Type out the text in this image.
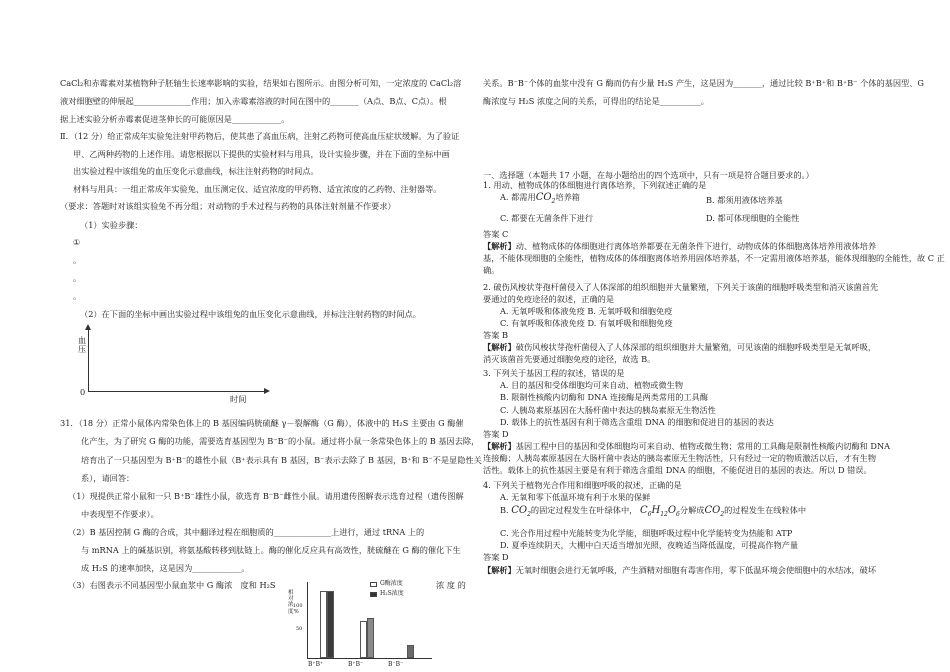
CaCl₂和赤霉素对某植物种子胚轴生长速率影响的实验，结果如右图所示。由图分析可知，一定浓度的 CaCl₂溶
液对细胞壁的伸展起______________作用；加入赤霉素溶液的时间在图中的_______（A点、B点、C点）。根
据上述实验分析赤霉素促进茎伸长的可能原因是____________。
Ⅱ．（12 分）给正常成年实验兔注射甲药物后，使其患了高血压病，注射乙药物可使高血压症状缓解。为了验证
甲、乙两种药物的上述作用。请您根据以下提供的实验材料与用具，设计实验步骤，并在下面的坐标中画
出实验过程中该组兔的血压变化示意曲线，标注注射药物的时间点。
材料与用具：一组正常成年实验兔、血压测定仪、适宜浓度的甲药物、适宜浓度的乙药物、注射器等。
（要求：答题时对该组实验兔不再分组；对动物的手术过程与药物的具体注射剂量不作要求）
（1）实验步骤：
①
。
。
。
（2）在下面的坐标中画出实验过程中该组兔的血压变化示意曲线，并标注注射药物的时间点。
血压
0
时间
31．（18 分）正常小鼠体内常染色体上的 B 基因编码胱硫醚 γ－裂解酶（G 酶），体液中的 H₂S 主要由 G 酶催
化产生，为了研究 G 酶的功能，需要选育基因型为 B⁻B⁻的小鼠。通过将小鼠一条常染色体上的 B 基因去除，
培育出了一只基因型为 B⁺B⁻的雄性小鼠（B⁺表示具有 B 基因，B⁻表示去除了 B 基因，B⁺和 B⁻不是显隐性关
系），请回答：
（1）现提供正常小鼠和一只 B⁺B⁻雄性小鼠，欲选育 B⁻B⁻雌性小鼠。请用遗传图解表示选育过程（遗传图解
中表现型不作要求）。
（2）B 基因控制 G 酶的合成，其中翻译过程在细胞质的______________上进行，通过 tRNA 上的
与 mRNA 上的碱基识别，将氨基酸转移到肽链上。酶的催化反应具有高效性，胱硫醚在 G 酶的催化下生
成 H₂S 的速率加快，这是因为____________。
（3）右图表示不同基因型小鼠血浆中 G 酶浓　度和 H₂S	浓 度 的
相对浓度%
100
50
G酶浓度
H₂S浓度
B⁺B⁺	B⁺B⁻	B⁻B⁻
关系。B⁻B⁻个体的血浆中没有 G 酶而仍有少量 H₂S 产生，这是因为_______，通过比较 B⁺B⁺和 B⁺B⁻ 个体的基因型、G
酶浓度与 H₂S 浓度之间的关系，可得出的结论是__________。
一、选择题（本题共 17 小题，在每小题给出的四个选项中，只有一项是符合题目要求的。）
1. 用动、植物成体的体细胞进行离体培养，下列叙述正确的是
A. 都需用$CO_2$培养箱	B. 都须用液体培养基
C. 都要在无菌条件下进行	D. 都可体现细胞的全能性
答案 C
【解析】动、植物成体的体细胞进行离体培养都要在无菌条件下进行，动物成体的体细胞离体培养用液体培养
基，不能体现细胞的全能性，植物成体的体细胞离体培养用固体培养基，不一定需用液体培养基，能体现细胞的全能性，故 C 正
确。
2. 破伤风梭状芽孢杆菌侵入了人体深部的组织细胞并大量繁殖，下列关于该菌的细胞呼吸类型和消灭该菌首先
要通过的免疫途径的叙述，正确的是
A. 无氧呼吸和体液免疫 B. 无氧呼吸和细胞免疫
C. 有氧呼吸和体液免疫 D. 有氧呼吸和细胞免疫
答案 B
【解析】破伤风梭状芽孢杆菌侵入了人体深部的组织细胞并大量繁殖，可见该菌的细胞呼吸类型是无氧呼吸，
消灭该菌首先要通过细胞免疫的途径，故选 B。
3. 下列关于基因工程的叙述，错误的是
A. 目的基因和受体细胞均可来自动、植物或微生物
B. 限制性核酸内切酶和 DNA 连接酶是两类常用的工具酶
C. 人胰岛素原基因在大肠杆菌中表达的胰岛素原无生物活性
D. 载体上的抗性基因有利于筛选含重组 DNA 的细胞和促进目的基因的表达
答案 D
【解析】基因工程中目的基因和受体细胞均可来自动、植物或微生物；常用的工具酶是限制性核酸内切酶和 DNA
连接酶；人胰岛素原基因在大肠杆菌中表达的胰岛素原无生物活性，只有经过一定的物质激活以后，才有生物
活性。载体上的抗性基因主要是有利于筛选含重组 DNA 的细胞，不能促进目的基因的表达。所以 D 错误。
4. 下列关于植物光合作用和细胞呼吸的叙述，正确的是
A. 无氧和零下低温环境有利于水果的保鲜
B. $CO_2$的固定过程发生在叶绿体中， $C_6H_{12}O_6$分解成$CO_2$的过程发生在线粒体中
C. 光合作用过程中光能转变为化学能，细胞呼吸过程中化学能转变为热能和 ATP
D. 夏季连续阴天，大棚中白天适当增加光照，夜晚适当降低温度，可提高作物产量
答案 D
【解析】无氧时细胞会进行无氧呼吸，产生酒精对细胞有毒害作用，零下低温环境会使细胞中的水结冰，破坏
